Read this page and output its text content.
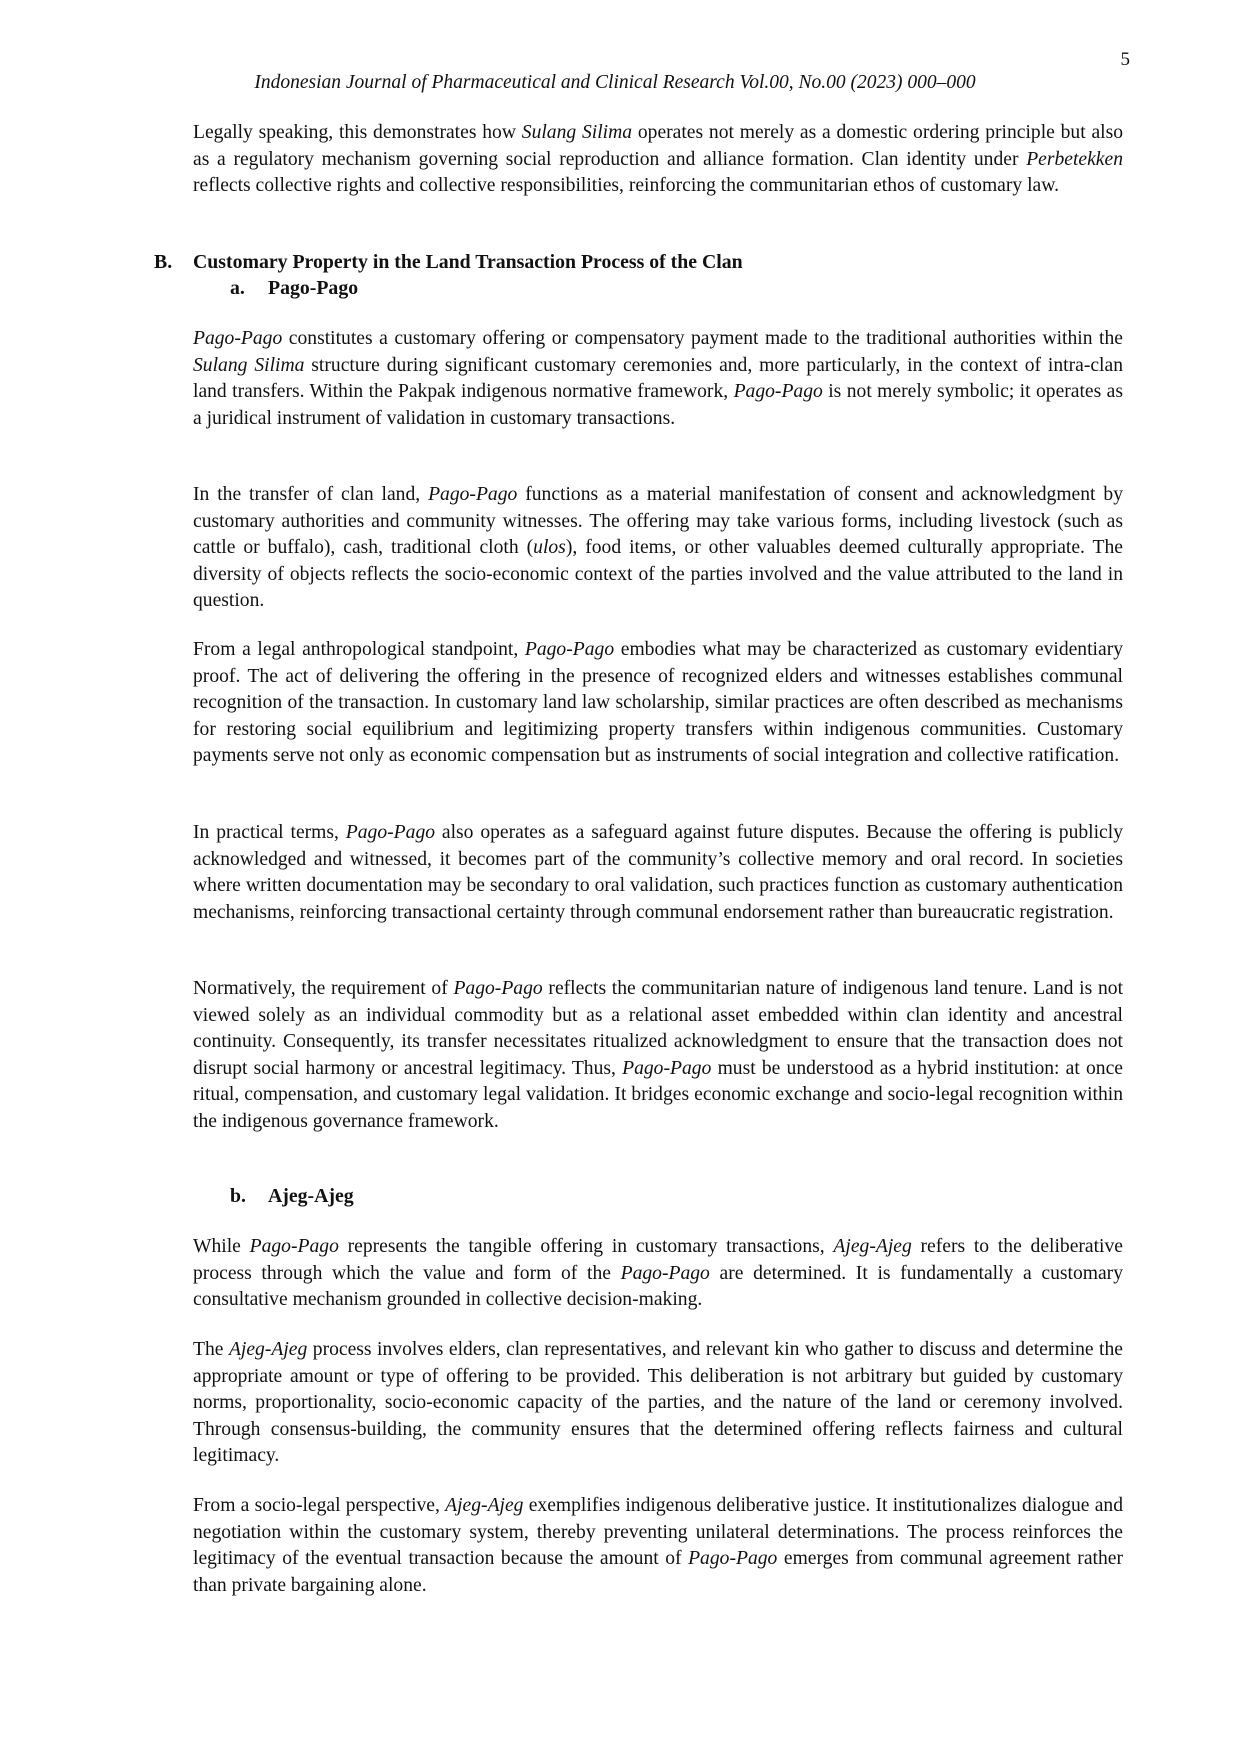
5
Indonesian Journal of Pharmaceutical and Clinical Research Vol.00, No.00 (2023) 000–000

Legally speaking, this demonstrates how Sulang Silima operates not merely as a domestic ordering principle but also as a regulatory mechanism governing social reproduction and alliance formation. Clan identity under Perbetekken reflects collective rights and collective responsibilities, reinforcing the communitarian ethos of customary law.

B. Customary Property in the Land Transaction Process of the Clan
a. Pago-Pago

Pago-Pago constitutes a customary offering or compensatory payment made to the traditional authorities within the Sulang Silima structure during significant customary ceremonies and, more particularly, in the context of intra-clan land transfers. Within the Pakpak indigenous normative framework, Pago-Pago is not merely symbolic; it operates as a juridical instrument of validation in customary transactions.

In the transfer of clan land, Pago-Pago functions as a material manifestation of consent and acknowledgment by customary authorities and community witnesses. The offering may take various forms, including livestock (such as cattle or buffalo), cash, traditional cloth (ulos), food items, or other valuables deemed culturally appropriate. The diversity of objects reflects the socio-economic context of the parties involved and the value attributed to the land in question.

From a legal anthropological standpoint, Pago-Pago embodies what may be characterized as customary evidentiary proof. The act of delivering the offering in the presence of recognized elders and witnesses establishes communal recognition of the transaction. In customary land law scholarship, similar practices are often described as mechanisms for restoring social equilibrium and legitimizing property transfers within indigenous communities. Customary payments serve not only as economic compensation but as instruments of social integration and collective ratification.

In practical terms, Pago-Pago also operates as a safeguard against future disputes. Because the offering is publicly acknowledged and witnessed, it becomes part of the community’s collective memory and oral record. In societies where written documentation may be secondary to oral validation, such practices function as customary authentication mechanisms, reinforcing transactional certainty through communal endorsement rather than bureaucratic registration.

Normatively, the requirement of Pago-Pago reflects the communitarian nature of indigenous land tenure. Land is not viewed solely as an individual commodity but as a relational asset embedded within clan identity and ancestral continuity. Consequently, its transfer necessitates ritualized acknowledgment to ensure that the transaction does not disrupt social harmony or ancestral legitimacy. Thus, Pago-Pago must be understood as a hybrid institution: at once ritual, compensation, and customary legal validation. It bridges economic exchange and socio-legal recognition within the indigenous governance framework.

b. Ajeg-Ajeg

While Pago-Pago represents the tangible offering in customary transactions, Ajeg-Ajeg refers to the deliberative process through which the value and form of the Pago-Pago are determined. It is fundamentally a customary consultative mechanism grounded in collective decision-making.

The Ajeg-Ajeg process involves elders, clan representatives, and relevant kin who gather to discuss and determine the appropriate amount or type of offering to be provided. This deliberation is not arbitrary but guided by customary norms, proportionality, socio-economic capacity of the parties, and the nature of the land or ceremony involved. Through consensus-building, the community ensures that the determined offering reflects fairness and cultural legitimacy.

From a socio-legal perspective, Ajeg-Ajeg exemplifies indigenous deliberative justice. It institutionalizes dialogue and negotiation within the customary system, thereby preventing unilateral determinations. The process reinforces the legitimacy of the eventual transaction because the amount of Pago-Pago emerges from communal agreement rather than private bargaining alone.
